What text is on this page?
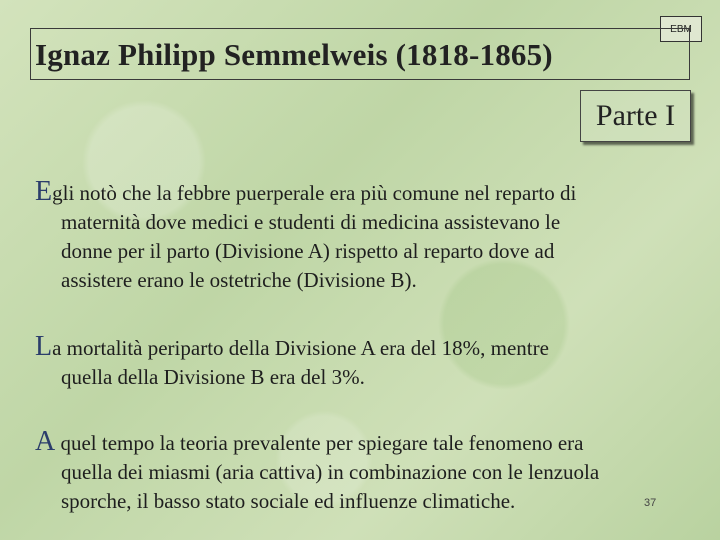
EBM
Ignaz Philipp Semmelweis (1818-1865)
Parte I
Egli notò che la febbre puerperale era più comune nel reparto di
maternità dove medici e studenti di medicina assistevano le
donne per il parto (Divisione A) rispetto al reparto dove ad
assistere erano le ostetriche (Divisione B).
La mortalità periparto della Divisione A era del 18%, mentre
quella della Divisione B era del 3%.
A quel tempo la teoria prevalente per spiegare tale fenomeno era
quella dei miasmi (aria cattiva) in combinazione con le lenzuola
sporche, il basso stato sociale ed influenze climatiche.	37
